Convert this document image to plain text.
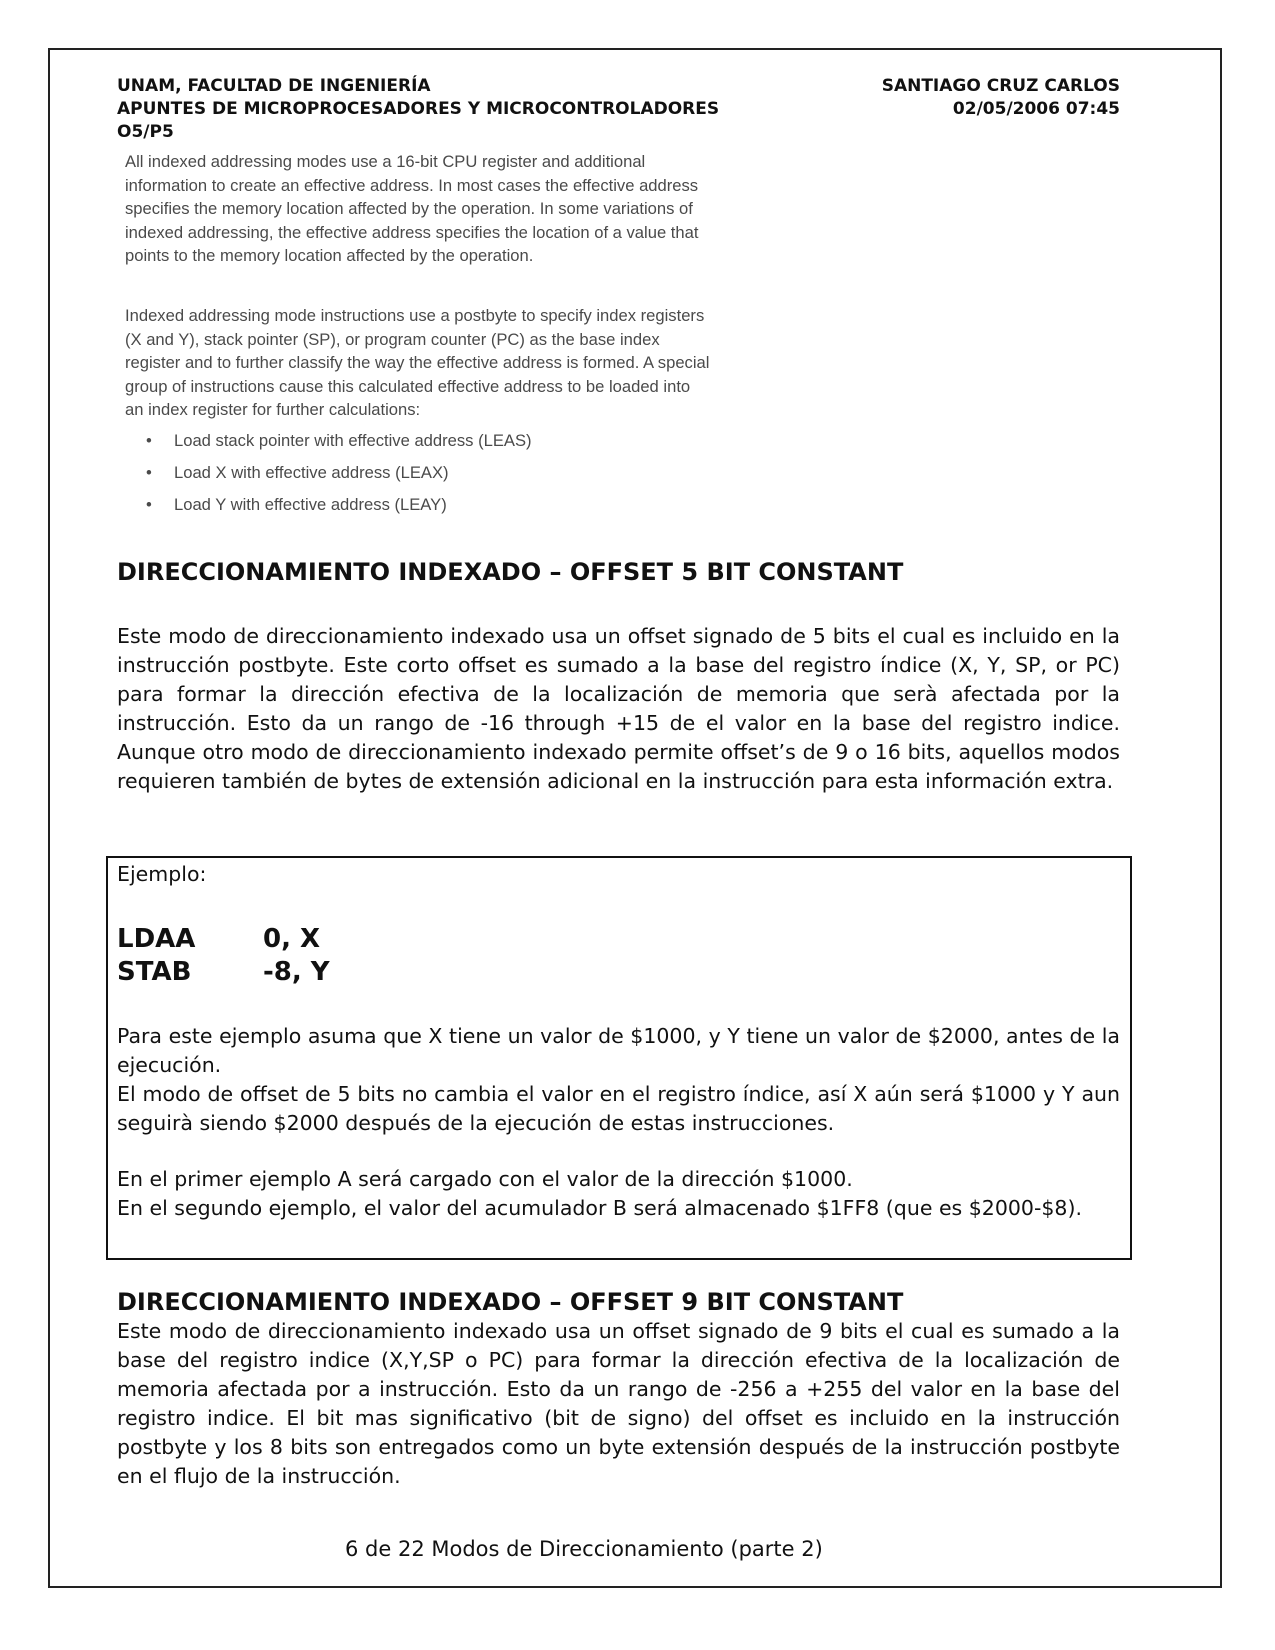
UNAM, FACULTAD DE INGENIERÍA
APUNTES DE MICROPROCESADORES Y MICROCONTROLADORES
O5/P5
SANTIAGO CRUZ CARLOS
02/05/2006 07:45
All indexed addressing modes use a 16-bit CPU register and additional information to create an effective address. In most cases the effective address specifies the memory location affected by the operation. In some variations of indexed addressing, the effective address specifies the location of a value that points to the memory location affected by the operation.
Indexed addressing mode instructions use a postbyte to specify index registers (X and Y), stack pointer (SP), or program counter (PC) as the base index register and to further classify the way the effective address is formed. A special group of instructions cause this calculated effective address to be loaded into an index register for further calculations:
• Load stack pointer with effective address (LEAS)
• Load X with effective address (LEAX)
• Load Y with effective address (LEAY)
DIRECCIONAMIENTO INDEXADO – OFFSET 5 BIT CONSTANT
Este modo de direccionamiento indexado usa un offset signado de 5 bits el cual es incluido en la instrucción postbyte. Este corto offset es sumado a la base del registro índice (X, Y, SP, or PC) para formar la dirección efectiva de la localización de memoria que serà afectada por la instrucción. Esto da un rango de -16 through +15 de el valor en la base del registro indice. Aunque otro modo de direccionamiento indexado permite offset’s de 9 o 16 bits, aquellos modos requieren también de bytes de extensión adicional en la instrucción para esta información extra.
Ejemplo:
LDAA	0, X
STAB	-8, Y
Para este ejemplo asuma que X tiene un valor de $1000, y Y tiene un valor de $2000, antes de la ejecución.
El modo de offset de 5 bits no cambia el valor en el registro índice, así X aún será $1000 y Y aun seguirà siendo $2000 después de la ejecución de estas instrucciones.
En el primer ejemplo A será cargado con el valor de la dirección $1000.
En el segundo ejemplo, el valor del acumulador B será almacenado $1FF8 (que es $2000-$8).
DIRECCIONAMIENTO INDEXADO – OFFSET 9 BIT CONSTANT
Este modo de direccionamiento indexado usa un offset signado de 9 bits el cual es sumado a la base del registro indice (X,Y,SP o PC) para formar la dirección efectiva de la localización de memoria afectada por a instrucción. Esto da un rango de -256 a +255 del valor en la base del registro indice. El bit mas significativo (bit de signo) del offset es incluido en la instrucción postbyte y los 8 bits son entregados como un byte extensión después de la instrucción postbyte en el flujo de la instrucción.
6 de 22 Modos de Direccionamiento (parte 2)
